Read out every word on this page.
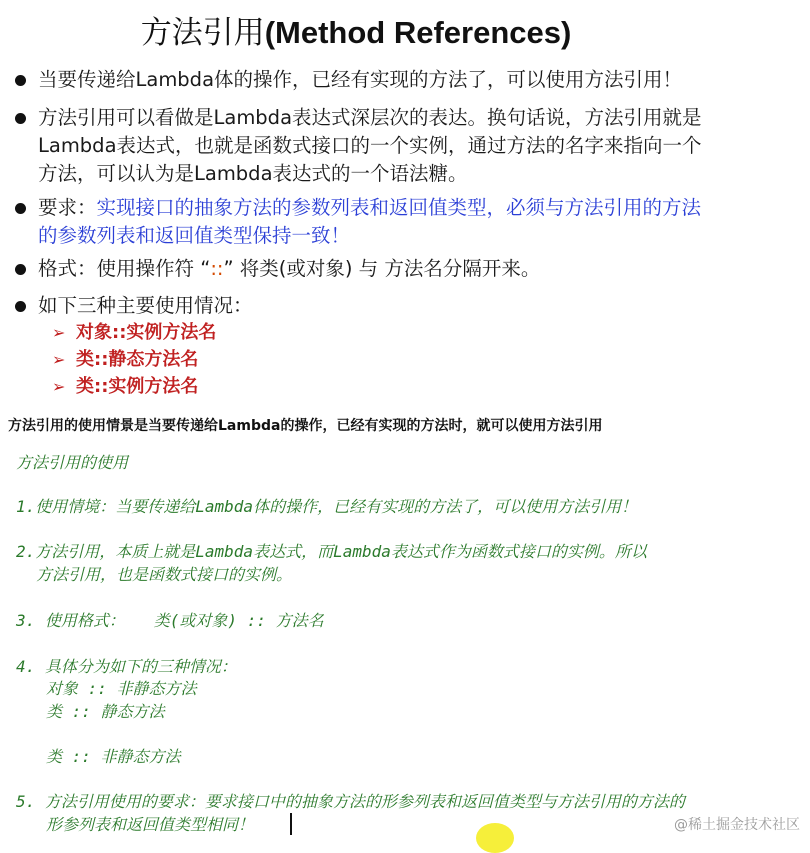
方法引用(Method References)
当要传递给Lambda体的操作，已经有实现的方法了，可以使用方法引用！
方法引用可以看做是Lambda表达式深层次的表达。换句话说，方法引用就是Lambda表达式，也就是函数式接口的一个实例，通过方法的名字来指向一个方法，可以认为是Lambda表达式的一个语法糖。
要求：实现接口的抽象方法的参数列表和返回值类型，必须与方法引用的方法的参数列表和返回值类型保持一致！
格式：使用操作符 “::” 将类(或对象) 与 方法名分隔开来。
如下三种主要使用情况：
➢ 对象::实例方法名
➢ 类::静态方法名
➢ 类::实例方法名
方法引用的使用情景是当要传递给Lambda的操作，已经有实现的方法时，就可以使用方法引用
方法引用的使用
1.使用情境：当要传递给Lambda体的操作，已经有实现的方法了，可以使用方法引用！
2.方法引用，本质上就是Lambda表达式，而Lambda表达式作为函数式接口的实例。所以
方法引用，也是函数式接口的实例。
3. 使用格式：   类(或对象) :: 方法名
4. 具体分为如下的三种情况：
对象 :: 非静态方法
类 :: 静态方法
类 :: 非静态方法
5. 方法引用使用的要求：要求接口中的抽象方法的形参列表和返回值类型与方法引用的方法的
形参列表和返回值类型相同！	@稀土掘金技术社区
